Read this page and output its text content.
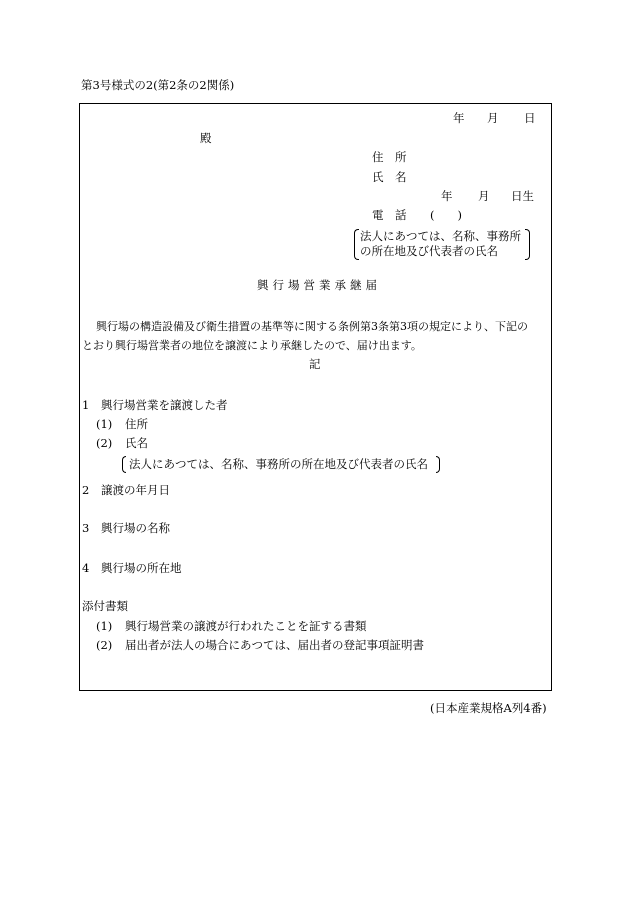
第3号様式の2(第2条の2関係)
年 月 日
殿
住　所
氏　名
年 月 日生
電　話 (　　)
法人にあつては、名称、事務所
の所在地及び代表者の氏名
興行場営業承継届
興行場の構造設備及び衛生措置の基準等に関する条例第3条第3項の規定により、下記の
とおり興行場営業者の地位を譲渡により承継したので、届け出ます。
記
1 興行場営業を譲渡した者
(1) 住所
(2) 氏名
法人にあつては、名称、事務所の所在地及び代表者の氏名
2 譲渡の年月日
3 興行場の名称
4 興行場の所在地
添付書類
(1) 興行場営業の譲渡が行われたことを証する書類
(2) 届出者が法人の場合にあつては、届出者の登記事項証明書
(日本産業規格A列4番)
